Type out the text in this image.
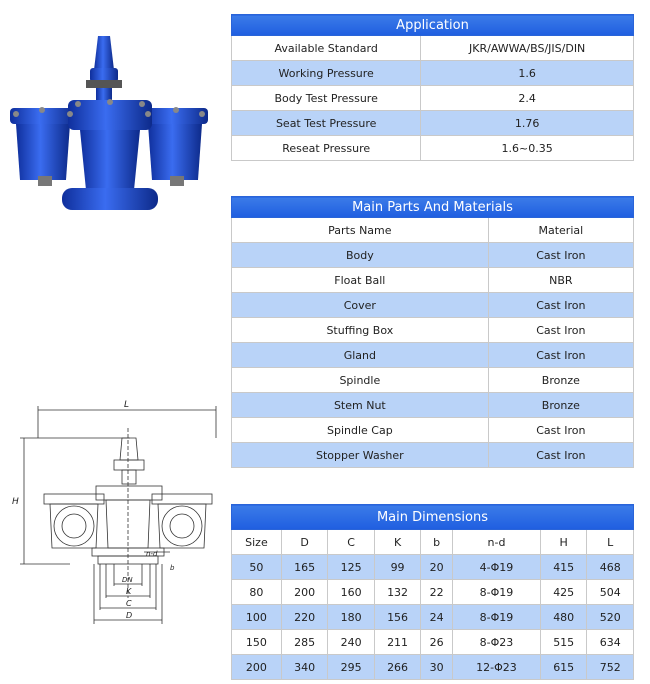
L
H
n-d
b
DN
K
C
D
Application	
Available Standard	JKR/AWWA/BS/JIS/DIN
Working Pressure	1.6
Body Test Pressure	2.4
Seat Test Pressure	1.76
Reseat Pressure	1.6~0.35
Main Parts And Materials	
Parts Name	Material
Body	Cast Iron
Float Ball	NBR
Cover	Cast Iron
Stuffing Box	Cast Iron
Gland	Cast Iron
Spindle	Bronze
Stem Nut	Bronze
Spindle Cap	Cast Iron
Stopper Washer	Cast Iron
Main Dimensions							
Size	D	C	K	b	n-d	H	L
50	165	125	99	20	4-Φ19	415	468
80	200	160	132	22	8-Φ19	425	504
100	220	180	156	24	8-Φ19	480	520
150	285	240	211	26	8-Φ23	515	634
200	340	295	266	30	12-Φ23	615	752
